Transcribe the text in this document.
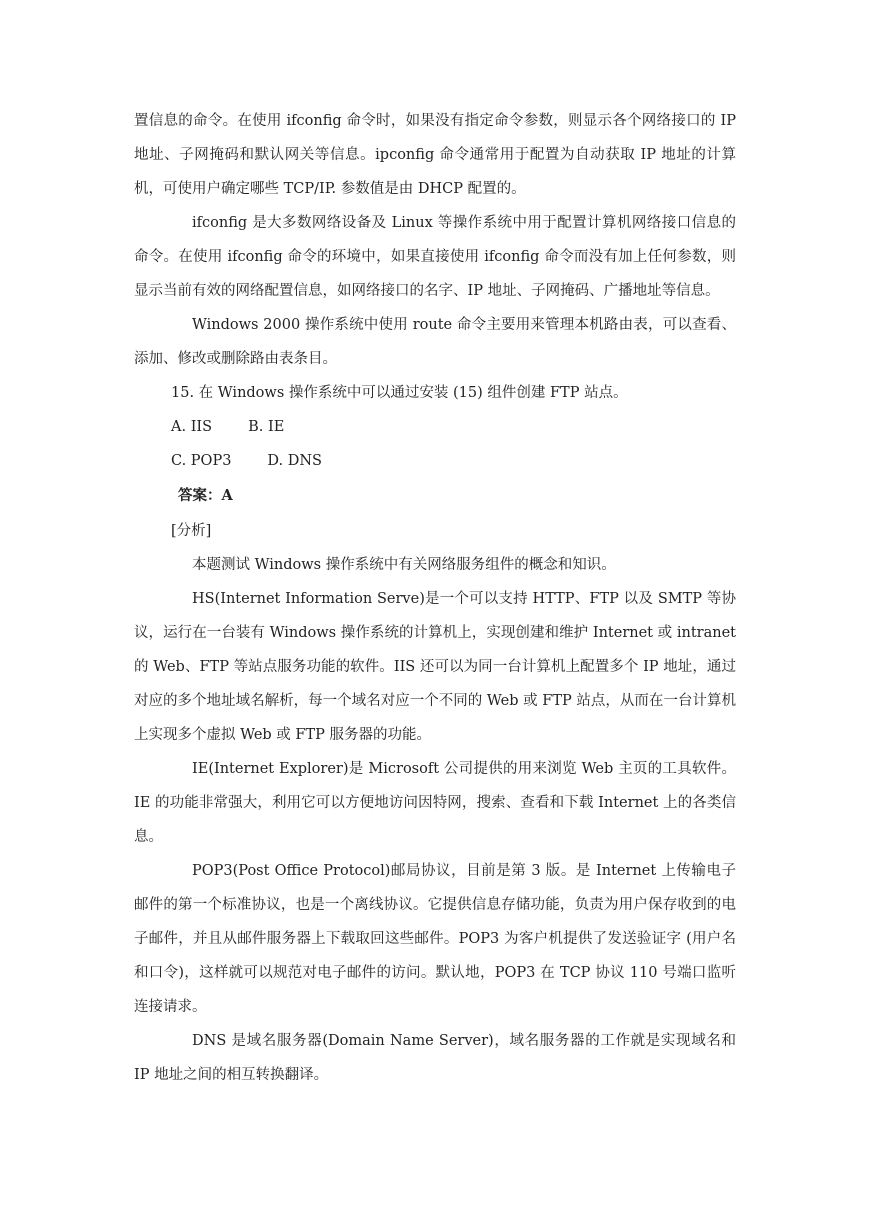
置信息的命令。在使用 ifconfig 命令时，如果没有指定命令参数，则显示各个网络接口的 IP 地址、子网掩码和默认网关等信息。ipconfig 命令通常用于配置为自动获取 IP 地址的计算机，可使用户确定哪些 TCP/IP. 参数值是由 DHCP 配置的。

ifconfig 是大多数网络设备及 Linux 等操作系统中用于配置计算机网络接口信息的命令。在使用 ifconfig 命令的环境中，如果直接使用 ifconfig 命令而没有加上任何参数，则显示当前有效的网络配置信息，如网络接口的名字、IP 地址、子网掩码、广播地址等信息。

Windows 2000 操作系统中使用 route 命令主要用来管理本机路由表，可以查看、添加、修改或删除路由表条目。

15. 在 Windows 操作系统中可以通过安装 (15) 组件创建 FTP 站点。

A. IIS B. IE

C. POP3 D. DNS

答案：A

[分析]

本题测试 Windows 操作系统中有关网络服务组件的概念和知识。

HS(Internet Information Serve)是一个可以支持 HTTP、FTP 以及 SMTP 等协议，运行在一台装有 Windows 操作系统的计算机上，实现创建和维护 Internet 或 intranet 的 Web、FTP 等站点服务功能的软件。IIS 还可以为同一台计算机上配置多个 IP 地址，通过对应的多个地址域名解析，每一个域名对应一个不同的 Web 或 FTP 站点，从而在一台计算机上实现多个虚拟 Web 或 FTP 服务器的功能。

IE(Internet Explorer)是 Microsoft 公司提供的用来浏览 Web 主页的工具软件。IE 的功能非常强大，利用它可以方便地访问因特网，搜索、查看和下载 Internet 上的各类信息。

POP3(Post Office Protocol)邮局协议，目前是第 3 版。是 Internet 上传输电子邮件的第一个标准协议，也是一个离线协议。它提供信息存储功能，负责为用户保存收到的电子邮件，并且从邮件服务器上下载取回这些邮件。POP3 为客户机提供了发送验证字 (用户名和口令)，这样就可以规范对电子邮件的访问。默认地，POP3 在 TCP 协议 110 号端口监听连接请求。

DNS 是域名服务器(Domain Name Server)，域名服务器的工作就是实现域名和 IP 地址之间的相互转换翻译。
